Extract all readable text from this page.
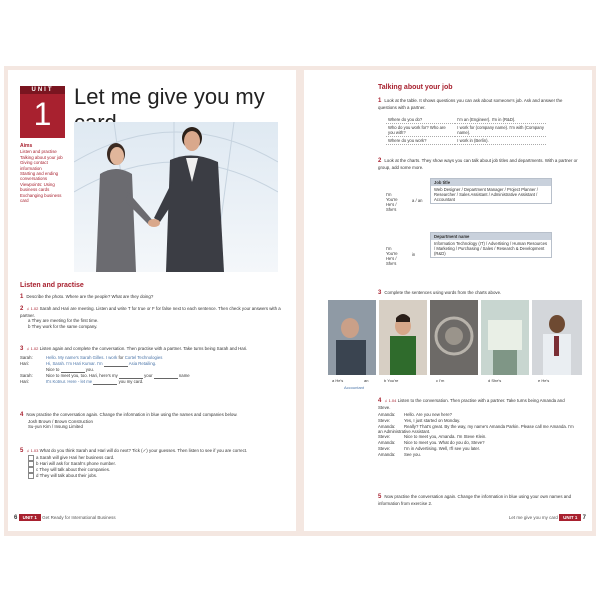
UNIT
1	Let me give you my
Aims
Listen and practise
Talking about your job
Giving contact information
Starting and ending conversations
Viewpoints: Using business cards
Exchanging business card
Listen and practise
1 Describe the photo. Where are the people? What are they doing?
2 ♫ 1.02 Sarah and Hari are meeting. Listen and write T for true or F for false next to each sentence. Then check your answers with a partner.
a They are meeting for the first time.
b They work for the same company.
3 ♫ 1.02 Listen again and complete the conversation. Then practise with a partner. Take turns being Sarah and Hari.
Sarah:	Hello. My name's Sarah Gilles. I work for Cortel Technologies
Hari:	Hi, Sarah. I'm Hari Kumar. I'm	Asia Retailing.
Nice to	you.
Sarah:	Nice to meet you, too. Hari, here's my	your	name
Hari:	It's Kotnur. Here - let me	you my card.
4 Now practise the conversation again. Change the information in blue using the names and companies below.
Josh Brown / Brown Construction
Su-yun Kim / Insung Limited
5 ♫ 1.03 What do you think Sarah and Hari will do next? Tick (✓) your guesses. Then listen to see if you are correct.
a Sarah will give Hari her business card.
b Hari will ask for Sarah's phone number.
c They will talk about their companies.
d They will talk about their jobs.
6 UNIT 1 Get Ready for International Business
Talking about your job
1 Look at the table. It shows questions you can ask about someone's job. Ask and answer the questions with a partner.
Where do you do?	I'm an (Engineer). I'm in (R&D).
Who do you work for? Who are you with?	I work for (company name). I'm with (Company name).
Where do you work?	I work in (Berlin).
2 Look at the charts. They show ways you can talk about job titles and departments. With a partner or group, add some more.
I'm
You're
He's / She's
a / an
Job title
Web Designer / Department Manager / Project Planner / Researcher / Sales Assistant / Administrative Assistant / Accountant
I'm
You're
He's / She's
in
Department name
Information Technology (IT) / Advertising / Human Resources / Marketing / Purchasing / Sales / Research & Development (R&D)
3 Complete the sentences using words from the charts above.
a He's	an
Accountant
b You're	c I'm	d She's	e He's
4 ♫ 1.04 Listen to the conversation. Then practise with a partner. Take turns being Amanda and Steve.
Amanda: Hello. Are you new here?
Steve:	Yes, I just started on Monday.
Amanda: Really? That's great. By the way, my name's Amanda Parkin. Please call me Amanda. I'm an Administrative Assistant.
Steve:	Nice to meet you, Amanda. I'm Steve Klein.
Amanda: Nice to meet you. What do you do, Steve?
Steve:	I'm in Advertising. Well, I'll see you later.
Amanda: See you.
5 Now practise the conversation again. Change the information in blue using your own names and information from exercise 2.
Let me give you my card UNIT 1 7
